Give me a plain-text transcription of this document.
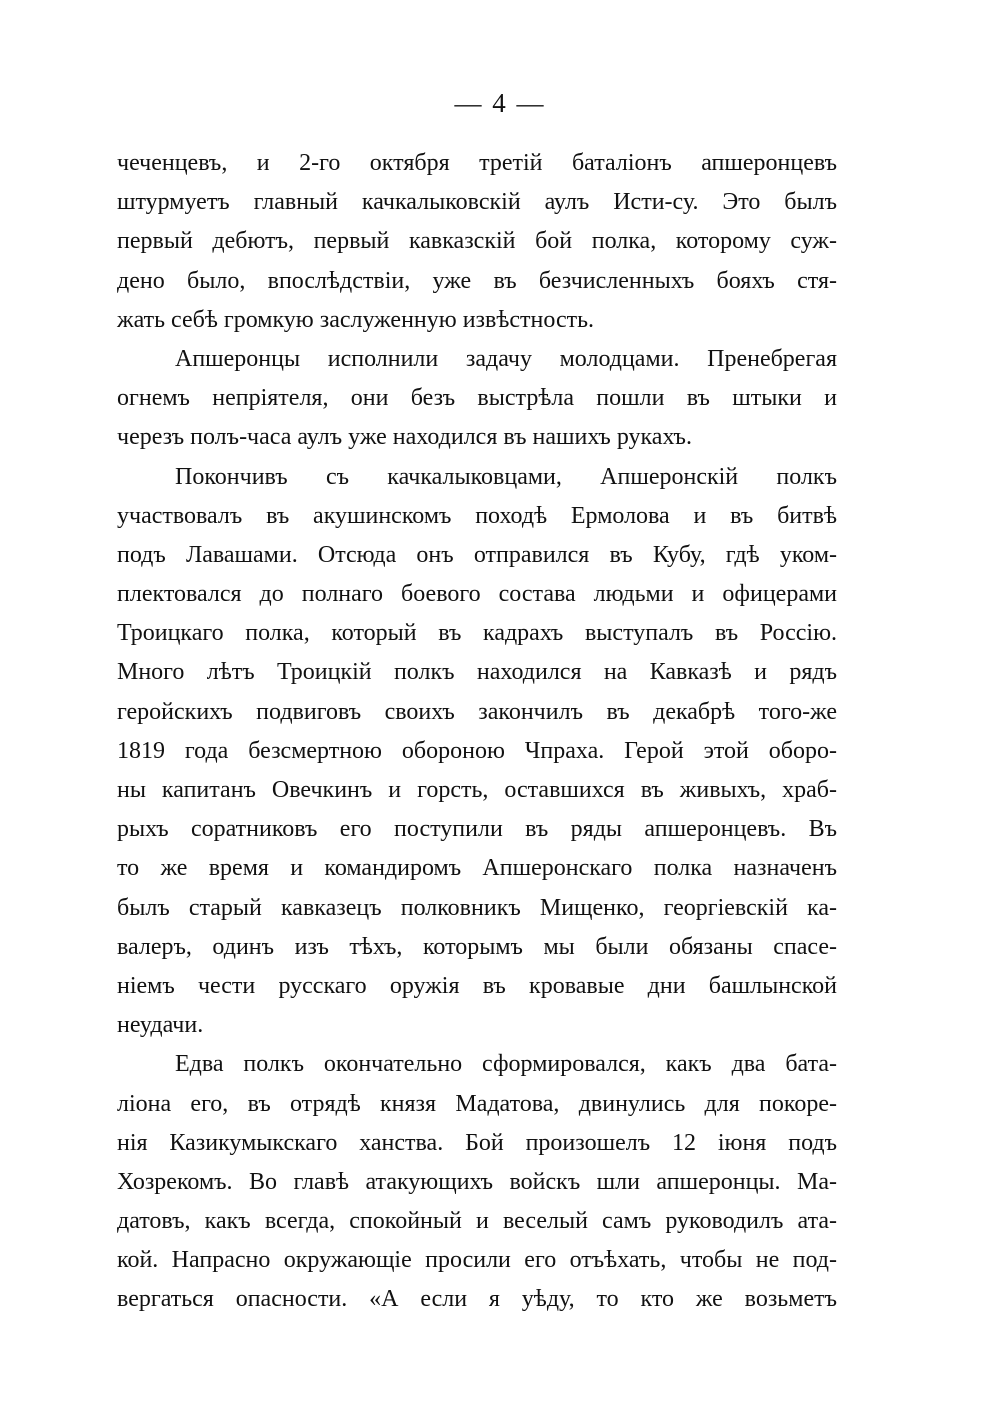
— 4 —
чеченцевъ, и 2-го октября третій баталіонъ апшеронцевъ
штурмуетъ главный качкалыковскій аулъ Исти-су. Это былъ
первый дебютъ, первый кавказскій бой полка, которому суж-
дено было, впослѣдствіи, уже въ безчисленныхъ бояхъ стя-
жать себѣ громкую заслуженную извѣстность.
Апшеронцы исполнили задачу молодцами. Пренебрегая
огнемъ непріятеля, они безъ выстрѣла пошли въ штыки и
черезъ полъ-часа аулъ уже находился въ нашихъ рукахъ.
Покончивъ съ качкалыковцами, Апшеронскій полкъ
участвовалъ въ акушинскомъ походѣ Ермолова и въ битвѣ
подъ Лавашами. Отсюда онъ отправился въ Кубу, гдѣ уком-
плектовался до полнаго боевого состава людьми и офицерами
Троицкаго полка, который въ кадрахъ выступалъ въ Россію.
Много лѣтъ Троицкій полкъ находился на Кавказѣ и рядъ
геройскихъ подвиговъ своихъ закончилъ въ декабрѣ того-же
1819 года безсмертною обороною Чпраха. Герой этой оборо-
ны капитанъ Овечкинъ и горсть, оставшихся въ живыхъ, храб-
рыхъ соратниковъ его поступили въ ряды апшеронцевъ. Въ
то же время и командиромъ Апшеронскаго полка назначенъ
былъ старый кавказецъ полковникъ Мищенко, георгіевскій ка-
валеръ, одинъ изъ тѣхъ, которымъ мы были обязаны спасе-
ніемъ чести русскаго оружія въ кровавые дни башлынской
неудачи.
Едва полкъ окончательно сформировался, какъ два бата-
ліона его, въ отрядѣ князя Мадатова, двинулись для покоре-
нія Казикумыкскаго ханства. Бой произошелъ 12 іюня подъ
Хозрекомъ. Во главѣ атакующихъ войскъ шли апшеронцы. Ма-
датовъ, какъ всегда, спокойный и веселый самъ руководилъ ата-
кой. Напрасно окружающіе просили его отъѣхать, чтобы не под-
вергаться опасности. «А если я уѣду, то кто же возьметъ
